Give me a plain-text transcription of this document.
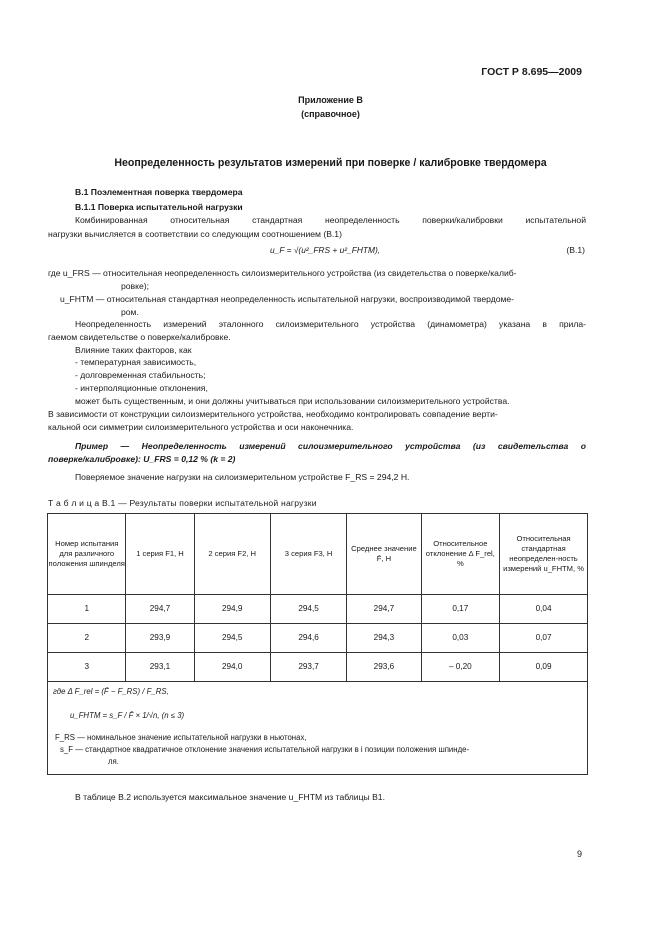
ГОСТ Р 8.695—2009
Приложение В
(справочное)
Неопределенность результатов измерений при поверке / калибровке твердомера
В.1 Поэлементная поверка твердомера
В.1.1 Поверка испытательной нагрузки
Комбинированная относительная стандартная неопределенность поверки/калибровки испытательной
нагрузки вычисляется в соответствии со следующим соотношением (В.1)
u_F = √(u²_FRS + u²_FHTM),	(В.1)
где u_FRS — относительная неопределенность силоизмерительного устройства (из свидетельства о поверке/калиб-
ровке);
u_FHTM — относительная стандартная неопределенность испытательной нагрузки, воспроизводимой твердоме-
ром.
Неопределенность измерений эталонного силоизмерительного устройства (динамометра) указана в прила-
гаемом свидетельстве о поверке/калибровке.
Влияние таких факторов, как
- температурная зависимость,
- долговременная стабильность;
- интерполяционные отклонения,
может быть существенным, и они должны учитываться при использовании силоизмерительного устройства.
В зависимости от конструкции силоизмерительного устройства, необходимо контролировать совпадение верти-
кальной оси симметрии силоизмерительного устройства и оси наконечника.
Пример — Неопределенность измерений силоизмерительного устройства (из свидетельства о
поверке/калибровке): U_FRS = 0,12 % (k = 2)
Поверяемое значение нагрузки на силоизмерительном устройстве F_RS = 294,2 Н.
Т а б л и ц а В.1 — Результаты поверки испытательной нагрузки
Номер испытания для различного положения шпинделя	1 серия F1, Н	2 серия F2, Н	3 серия F3, Н	Среднее значение F̄, Н	Относительное отклонение Δ F_rel, %	Относительная стандартная неопределен-ность измерений u_FHTM, %
1	294,7	294,9	294,5	294,7	0,17	0,04
2	293,9	294,5	294,6	294,3	0,03	0,07
3	293,1	294,0	293,7	293,6	– 0,20	0,09
где Δ F_rel = (F̄ − F_RS) / F_RS,
u_FHTM = s_F / F̄ × 1/√n, (n ≤ 3)
F_RS — номинальное значение испытательной нагрузки в ньютонах,
s_F — стандартное квадратичное отклонение значения испытательной нагрузки в i позиции положения шпинде-
ля.
В таблице В.2 используется максимальное значение u_FHTM из таблицы В1.
9
